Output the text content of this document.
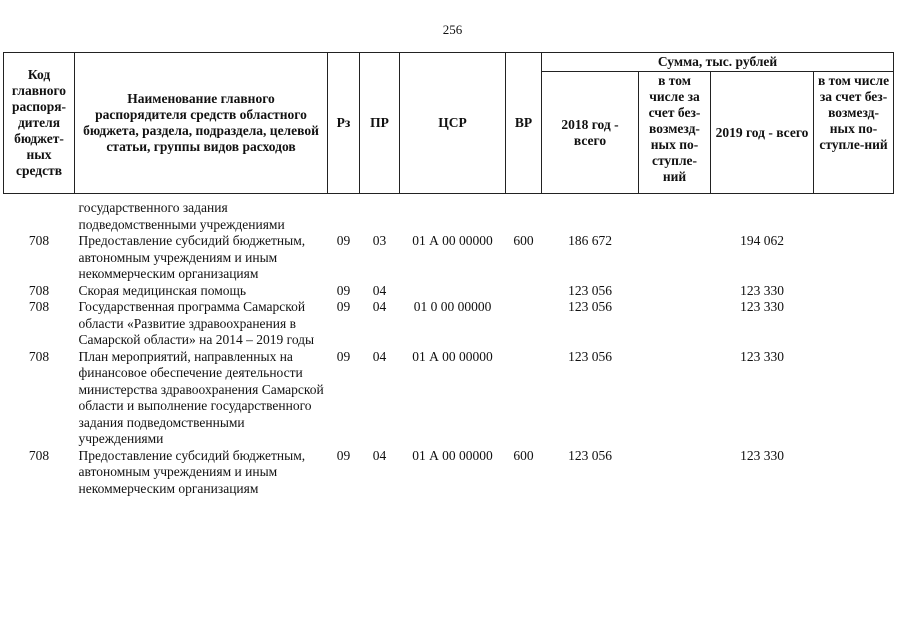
256
Код главного распоря-дителя бюджет-ных средств	Наименование главного распорядителя средств областного бюджета, раздела, подраздела, целевой статьи, группы видов расходов	Рз	ПР	ЦСР	ВР	Сумма, тыс. рублей			
						2018 год - всего	в том числе за счет без-возмезд-ных по-ступле-ний	2019 год - всего	в том числе за счет без-возмезд-ных по-ступле-ний
	государственного задания подведомственными учреждениями								
708	Предоставление субсидий бюджетным, автономным учреждениям и иным некоммерческим организациям	09	03	01 А 00 00000	600	186 672		194 062	
708	Скорая медицинская помощь	09	04			123 056		123 330	
708	Государственная программа Самарской области «Развитие здравоохранения в Самарской области» на 2014 – 2019 годы	09	04	01 0 00 00000		123 056		123 330	
708	План мероприятий, направленных на финансовое обеспечение деятельности министерства здравоохранения Самарской области и выполнение государственного задания подведомственными учреждениями	09	04	01 А 00 00000		123 056		123 330	
708	Предоставление субсидий бюджетным, автономным учреждениям и иным некоммерческим организациям	09	04	01 А 00 00000	600	123 056		123 330	
